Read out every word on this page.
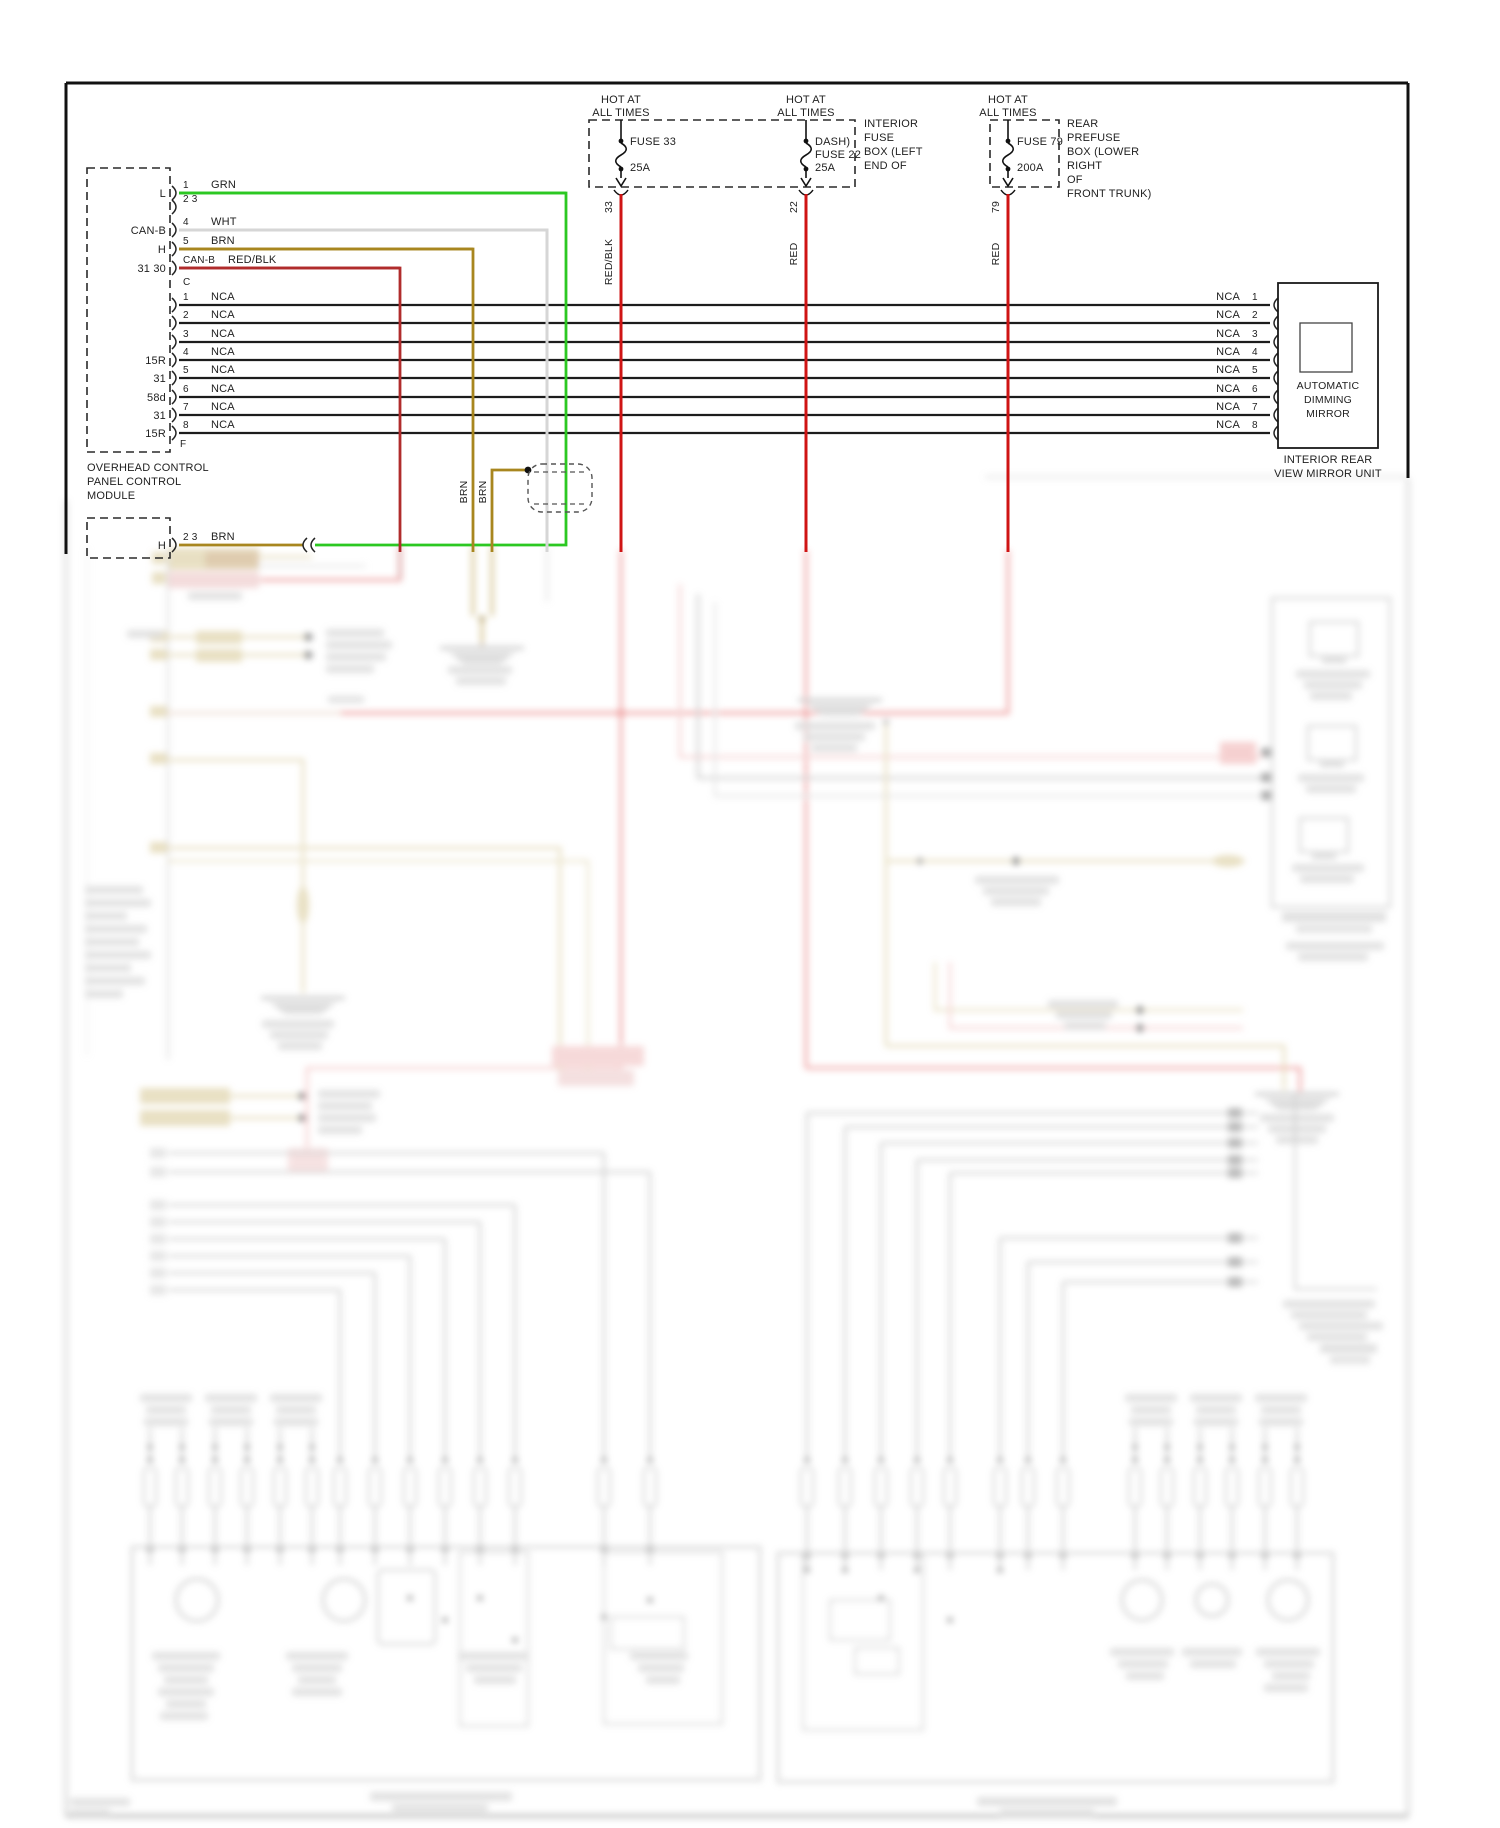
L
1 GRN
2 3
CAN-B
4 WHT
H
5 BRN
31 30
CAN-B RED/BLK
C
1 NCA	NCA 1
2 NCA	NCA 2
3 NCA	NCA 3
15R
4 NCA	NCA 4
31
5 NCA	NCA 5
58d
6 NCA	NCA 6
31
7 NCA	NCA 7
15R
8 NCA	NCA 8
F
OVERHEAD CONTROL
PANEL CONTROL
MODULE
H
2 3 BRN
BRN BRN
HOT AT
ALL TIMES
FUSE 33
25A
33
RED/BLK
HOT AT
ALL TIMES
DASH)
FUSE 22
25A
22
RED
HOT AT
ALL TIMES
FUSE 79
200A
79
RED
INTERIOR
FUSE
BOX (LEFT
END OF
REAR
PREFUSE
BOX (LOWER
RIGHT
OF
FRONT TRUNK)
AUTOMATIC
DIMMING
MIRROR
INTERIOR REAR
VIEW MIRROR UNIT
